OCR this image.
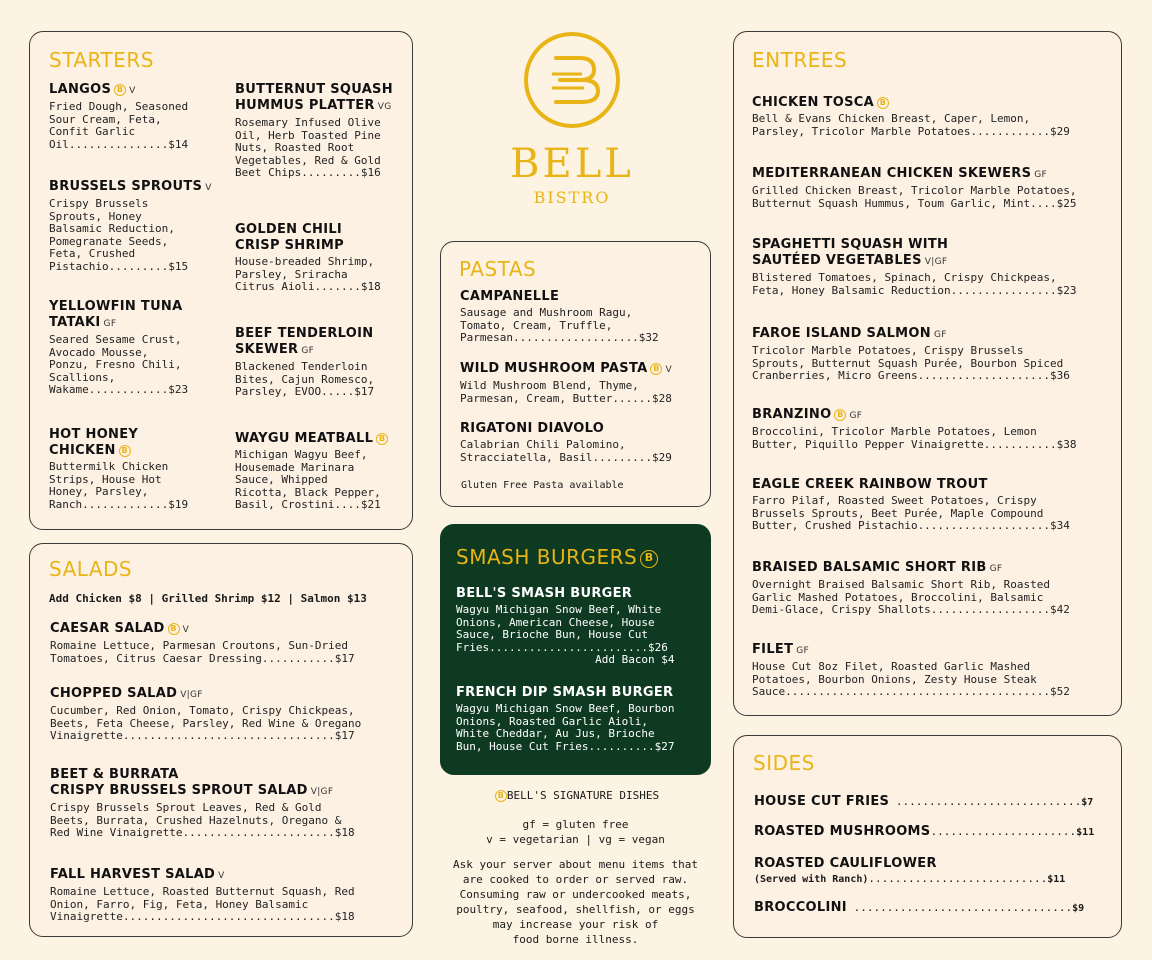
STARTERS
LANGOS B V
Fried Dough, Seasoned
Sour Cream, Feta,
Confit Garlic
Oil...............$14
BUTTERNUT SQUASH
HUMMUS PLATTER VG
Rosemary Infused Olive
Oil, Herb Toasted Pine
Nuts, Roasted Root
Vegetables, Red & Gold
Beet Chips.........$16
BRUSSELS SPROUTS V
Crispy Brussels
Sprouts, Honey
Balsamic Reduction,
Pomegranate Seeds,
Feta, Crushed
Pistachio.........$15
GOLDEN CHILI
CRISP SHRIMP
House-breaded Shrimp,
Parsley, Sriracha
Citrus Aioli.......$18
YELLOWFIN TUNA
TATAKI GF
Seared Sesame Crust,
Avocado Mousse,
Ponzu, Fresno Chili,
Scallions,
Wakame............$23
BEEF TENDERLOIN
SKEWER GF
Blackened Tenderloin
Bites, Cajun Romesco,
Parsley, EVOO.....$17
HOT HONEY
CHICKEN B
Buttermilk Chicken
Strips, House Hot
Honey, Parsley,
Ranch.............$19
WAYGU MEATBALL B
Michigan Wagyu Beef,
Housemade Marinara
Sauce, Whipped
Ricotta, Black Pepper,
Basil, Crostini....$21
SALADS
Add Chicken $8 | Grilled Shrimp $12 | Salmon $13
CAESAR SALAD B V
Romaine Lettuce, Parmesan Croutons, Sun-Dried
Tomatoes, Citrus Caesar Dressing...........$17
CHOPPED SALAD V|GF
Cucumber, Red Onion, Tomato, Crispy Chickpeas,
Beets, Feta Cheese, Parsley, Red Wine & Oregano
Vinaigrette................................$17
BEET & BURRATA
CRISPY BRUSSELS SPROUT SALAD V|GF
Crispy Brussels Sprout Leaves, Red & Gold
Beets, Burrata, Crushed Hazelnuts, Oregano &
Red Wine Vinaigrette.......................$18
FALL HARVEST SALAD V
Romaine Lettuce, Roasted Butternut Squash, Red
Onion, Farro, Fig, Feta, Honey Balsamic
Vinaigrette................................$18
BELL
BISTRO
PASTAS
CAMPANELLE
Sausage and Mushroom Ragu,
Tomato, Cream, Truffle,
Parmesan...................$32
WILD MUSHROOM PASTA B V
Wild Mushroom Blend, Thyme,
Parmesan, Cream, Butter......$28
RIGATONI DIAVOLO
Calabrian Chili Palomino,
Stracciatella, Basil.........$29
Gluten Free Pasta available
SMASH BURGERS B
BELL'S SMASH BURGER
Wagyu Michigan Snow Beef, White
Onions, American Cheese, House
Sauce, Brioche Bun, House Cut
Fries........................$26
Add Bacon $4
FRENCH DIP SMASH BURGER
Wagyu Michigan Snow Beef, Bourbon
Onions, Roasted Garlic Aioli,
White Cheddar, Au Jus, Brioche
Bun, House Cut Fries..........$27
B BELL'S SIGNATURE DISHES
gf = gluten free
v = vegetarian | vg = vegan
Ask your server about menu items that
are cooked to order or served raw.
Consuming raw or undercooked meats,
poultry, seafood, shellfish, or eggs
may increase your risk of
food borne illness.
ENTREES
CHICKEN TOSCA B
Bell & Evans Chicken Breast, Caper, Lemon,
Parsley, Tricolor Marble Potatoes............$29
MEDITERRANEAN CHICKEN SKEWERS GF
Grilled Chicken Breast, Tricolor Marble Potatoes,
Butternut Squash Hummus, Toum Garlic, Mint....$25
SPAGHETTI SQUASH WITH
SAUTÉED VEGETABLES V|GF
Blistered Tomatoes, Spinach, Crispy Chickpeas,
Feta, Honey Balsamic Reduction................$23
FAROE ISLAND SALMON GF
Tricolor Marble Potatoes, Crispy Brussels
Sprouts, Butternut Squash Purée, Bourbon Spiced
Cranberries, Micro Greens....................$36
BRANZINO B GF
Broccolini, Tricolor Marble Potatoes, Lemon
Butter, Piquillo Pepper Vinaigrette...........$38
EAGLE CREEK RAINBOW TROUT
Farro Pilaf, Roasted Sweet Potatoes, Crispy
Brussels Sprouts, Beet Purée, Maple Compound
Butter, Crushed Pistachio....................$34
BRAISED BALSAMIC SHORT RIB GF
Overnight Braised Balsamic Short Rib, Roasted
Garlic Mashed Potatoes, Broccolini, Balsamic
Demi-Glace, Crispy Shallots..................$42
FILET GF
House Cut 8oz Filet, Roasted Garlic Mashed
Potatoes, Bourbon Onions, Zesty House Steak
Sauce........................................$52
SIDES
HOUSE CUT FRIES ............................$7
ROASTED MUSHROOMS......................$11
ROASTED CAULIFLOWER
(Served with Ranch)...........................$11
BROCCOLINI .................................$9
